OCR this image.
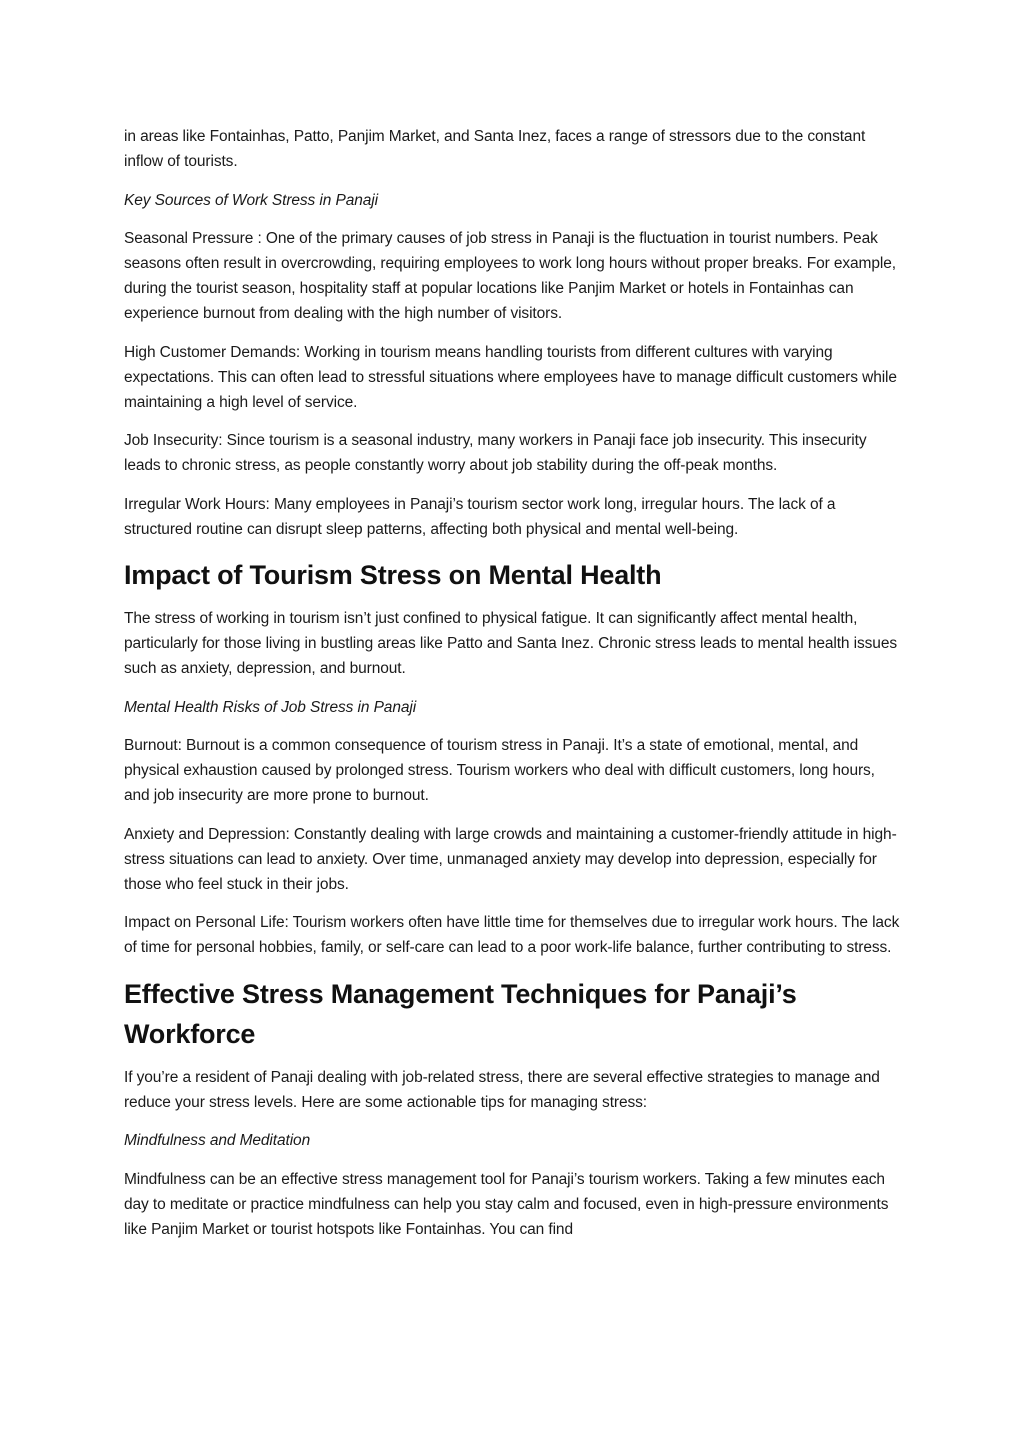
in areas like Fontainhas, Patto, Panjim Market, and Santa Inez, faces a range of stressors due to the constant inflow of tourists.

Key Sources of Work Stress in Panaji

Seasonal Pressure : One of the primary causes of job stress in Panaji is the fluctuation in tourist numbers. Peak seasons often result in overcrowding, requiring employees to work long hours without proper breaks. For example, during the tourist season, hospitality staff at popular locations like Panjim Market or hotels in Fontainhas can experience burnout from dealing with the high number of visitors.

High Customer Demands: Working in tourism means handling tourists from different cultures with varying expectations. This can often lead to stressful situations where employees have to manage difficult customers while maintaining a high level of service.

Job Insecurity: Since tourism is a seasonal industry, many workers in Panaji face job insecurity. This insecurity leads to chronic stress, as people constantly worry about job stability during the off-peak months.

Irregular Work Hours: Many employees in Panaji’s tourism sector work long, irregular hours. The lack of a structured routine can disrupt sleep patterns, affecting both physical and mental well-being.

Impact of Tourism Stress on Mental Health

The stress of working in tourism isn’t just confined to physical fatigue. It can significantly affect mental health, particularly for those living in bustling areas like Patto and Santa Inez. Chronic stress leads to mental health issues such as anxiety, depression, and burnout.

Mental Health Risks of Job Stress in Panaji

Burnout: Burnout is a common consequence of tourism stress in Panaji. It’s a state of emotional, mental, and physical exhaustion caused by prolonged stress. Tourism workers who deal with difficult customers, long hours, and job insecurity are more prone to burnout.

Anxiety and Depression: Constantly dealing with large crowds and maintaining a customer-friendly attitude in high-stress situations can lead to anxiety. Over time, unmanaged anxiety may develop into depression, especially for those who feel stuck in their jobs.

Impact on Personal Life: Tourism workers often have little time for themselves due to irregular work hours. The lack of time for personal hobbies, family, or self-care can lead to a poor work-life balance, further contributing to stress.

Effective Stress Management Techniques for Panaji’s Workforce

If you’re a resident of Panaji dealing with job-related stress, there are several effective strategies to manage and reduce your stress levels. Here are some actionable tips for managing stress:

Mindfulness and Meditation

Mindfulness can be an effective stress management tool for Panaji’s tourism workers. Taking a few minutes each day to meditate or practice mindfulness can help you stay calm and focused, even in high-pressure environments like Panjim Market or tourist hotspots like Fontainhas. You can find
